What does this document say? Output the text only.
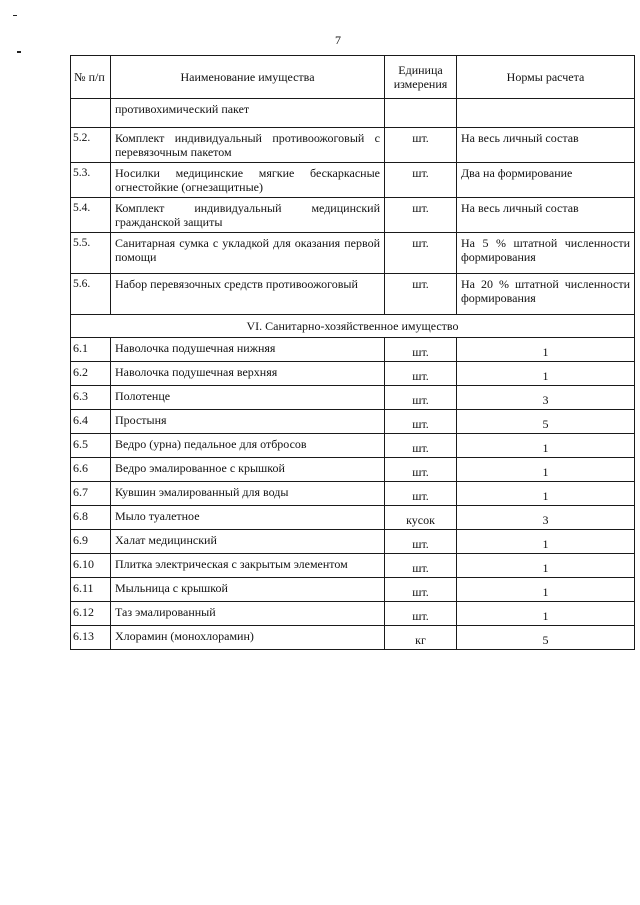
7
№ п/п	Наименование имущества	Единица измерения	Нормы расчета
	противохимический пакет		
5.2.	Комплект индивидуальный противоожоговый с перевязочным пакетом	шт.	На весь личный состав
5.3.	Носилки медицинские мягкие бескаркасные огнестойкие (огнезащитные)	шт.	Два на формирование
5.4.	Комплект индивидуальный медицинский гражданской защиты	шт.	На весь личный состав
5.5.	Санитарная сумка с укладкой для оказания первой помощи	шт.	На 5 % штатной численности формирования
5.6.	Набор перевязочных средств противоожоговый	шт.	На 20 % штатной численности формирования
VI. Санитарно-хозяйственное имущество			
6.1	Наволочка подушечная нижняя	шт.	1
6.2	Наволочка подушечная верхняя	шт.	1
6.3	Полотенце	шт.	3
6.4	Простыня	шт.	5
6.5	Ведро (урна) педальное для отбросов	шт.	1
6.6	Ведро эмалированное с крышкой	шт.	1
6.7	Кувшин эмалированный для воды	шт.	1
6.8	Мыло туалетное	кусок	3
6.9	Халат медицинский	шт.	1
6.10	Плитка электрическая с закрытым элементом	шт.	1
6.11	Мыльница с крышкой	шт.	1
6.12	Таз эмалированный	шт.	1
6.13	Хлорамин (монохлорамин)	кг	5
